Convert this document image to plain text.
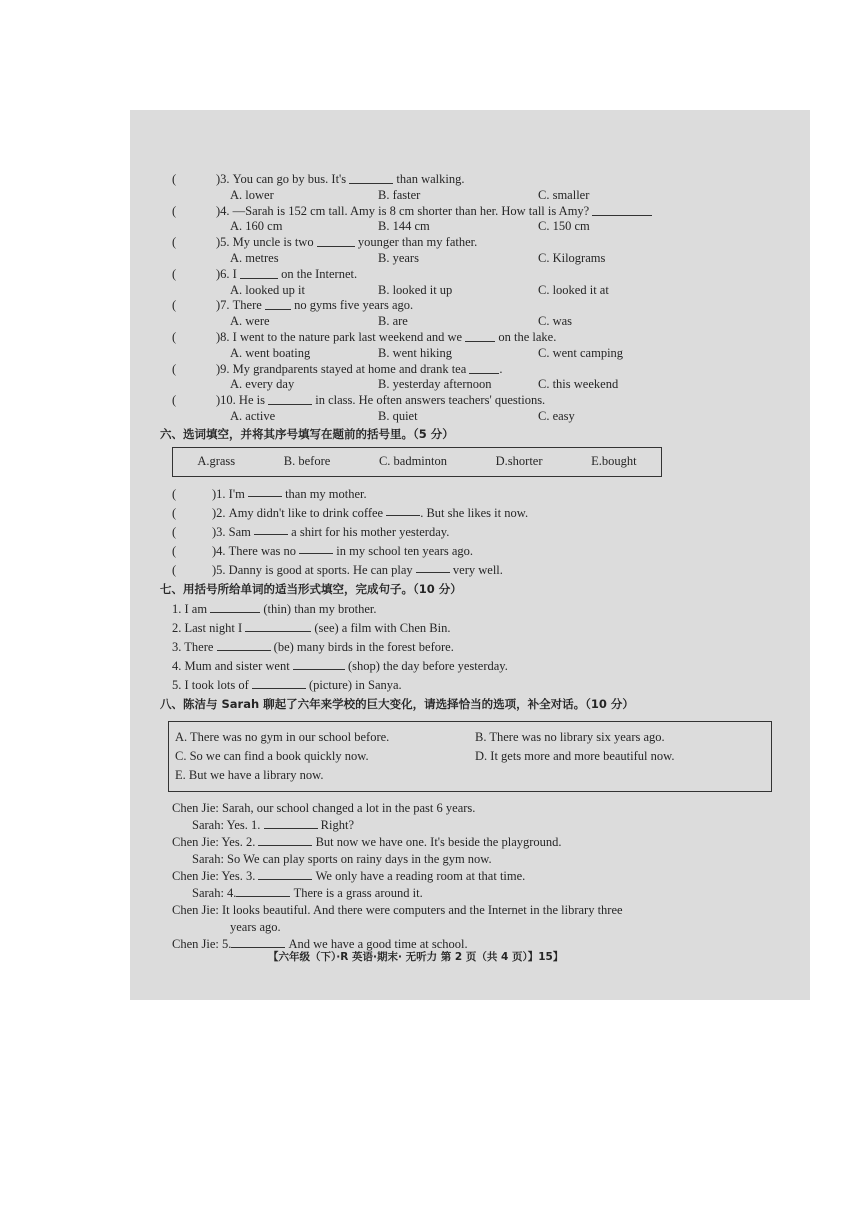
(	)3.
You can go by bus. It's

	than walking.
A. lower	B. faster	C. smaller
(	)4.
—Sarah is 152 cm tall. Amy is 8 cm shorter than her. How tall is Amy?

A. 160 cm	B. 144 cm	C. 150 cm
(	)5.
My uncle is two

	younger than my father.
A. metres	B. years	C. Kilograms
(	)6.
I

	on the Internet.
A. looked up it	B. looked it up	C. looked it at
(	)7.
There

	no gyms five years ago.
A. were	B. are	C. was
(	)8.
I went to the nature park last weekend and we

	on the lake.
A. went boating	B. went hiking	C. went camping
(	)9.
My grandparents stayed at home and drank tea
	.
A. every day	B. yesterday afternoon	C. this weekend
(	)10.
He is

	in class. He often answers teachers' questions.
A. active	B. quiet	C. easy
六、选词填空，并将其序号填写在题前的括号里。（5 分）
A.grass	B. before	C. badminton	D.shorter	E.bought
(	)1.
I'm

	than my mother.
(	)2.
Amy didn't like to drink coffee
	. But she likes it now.
(	)3.
Sam

	a shirt for his mother yesterday.
(	)4.
There was no

	in my school ten years ago.
(	)5.
Danny is good at sports. He can play

	very well.
七、用括号所给单词的适当形式填空，完成句子。（10 分）
1. I am	(thin) than my brother.
2. Last night I	(see) a film with Chen Bin.
3. There	(be) many birds in the forest before.
4. Mum and sister went	(shop) the day before yesterday.
5. I took lots of	(picture) in Sanya.
八、陈洁与 Sarah 聊起了六年来学校的巨大变化，请选择恰当的选项，补全对话。（10 分）
A. There was no gym in our school before.	B. There was no library six years ago.
C. So we can find a book quickly now.	D. It gets more and more beautiful now.
E. But we have a library now.
Chen Jie: Sarah, our school changed a lot in the past 6 years.
Sarah: Yes. 1.	Right?
Chen Jie: Yes. 2.	But now we have one. It's beside the playground.
Sarah: So We can play sports on rainy days in the gym now.
Chen Jie: Yes. 3.	We only have a reading room at that time.
Sarah: 4.	There is a grass around it.
Chen Jie: It looks beautiful. And there were computers and the Internet in the library three
years ago.
Chen Jie: 5.	And we have a good time at school.
【六年级（下）·R 英语·期末· 无听力 第 2 页（共 4 页）】15】
